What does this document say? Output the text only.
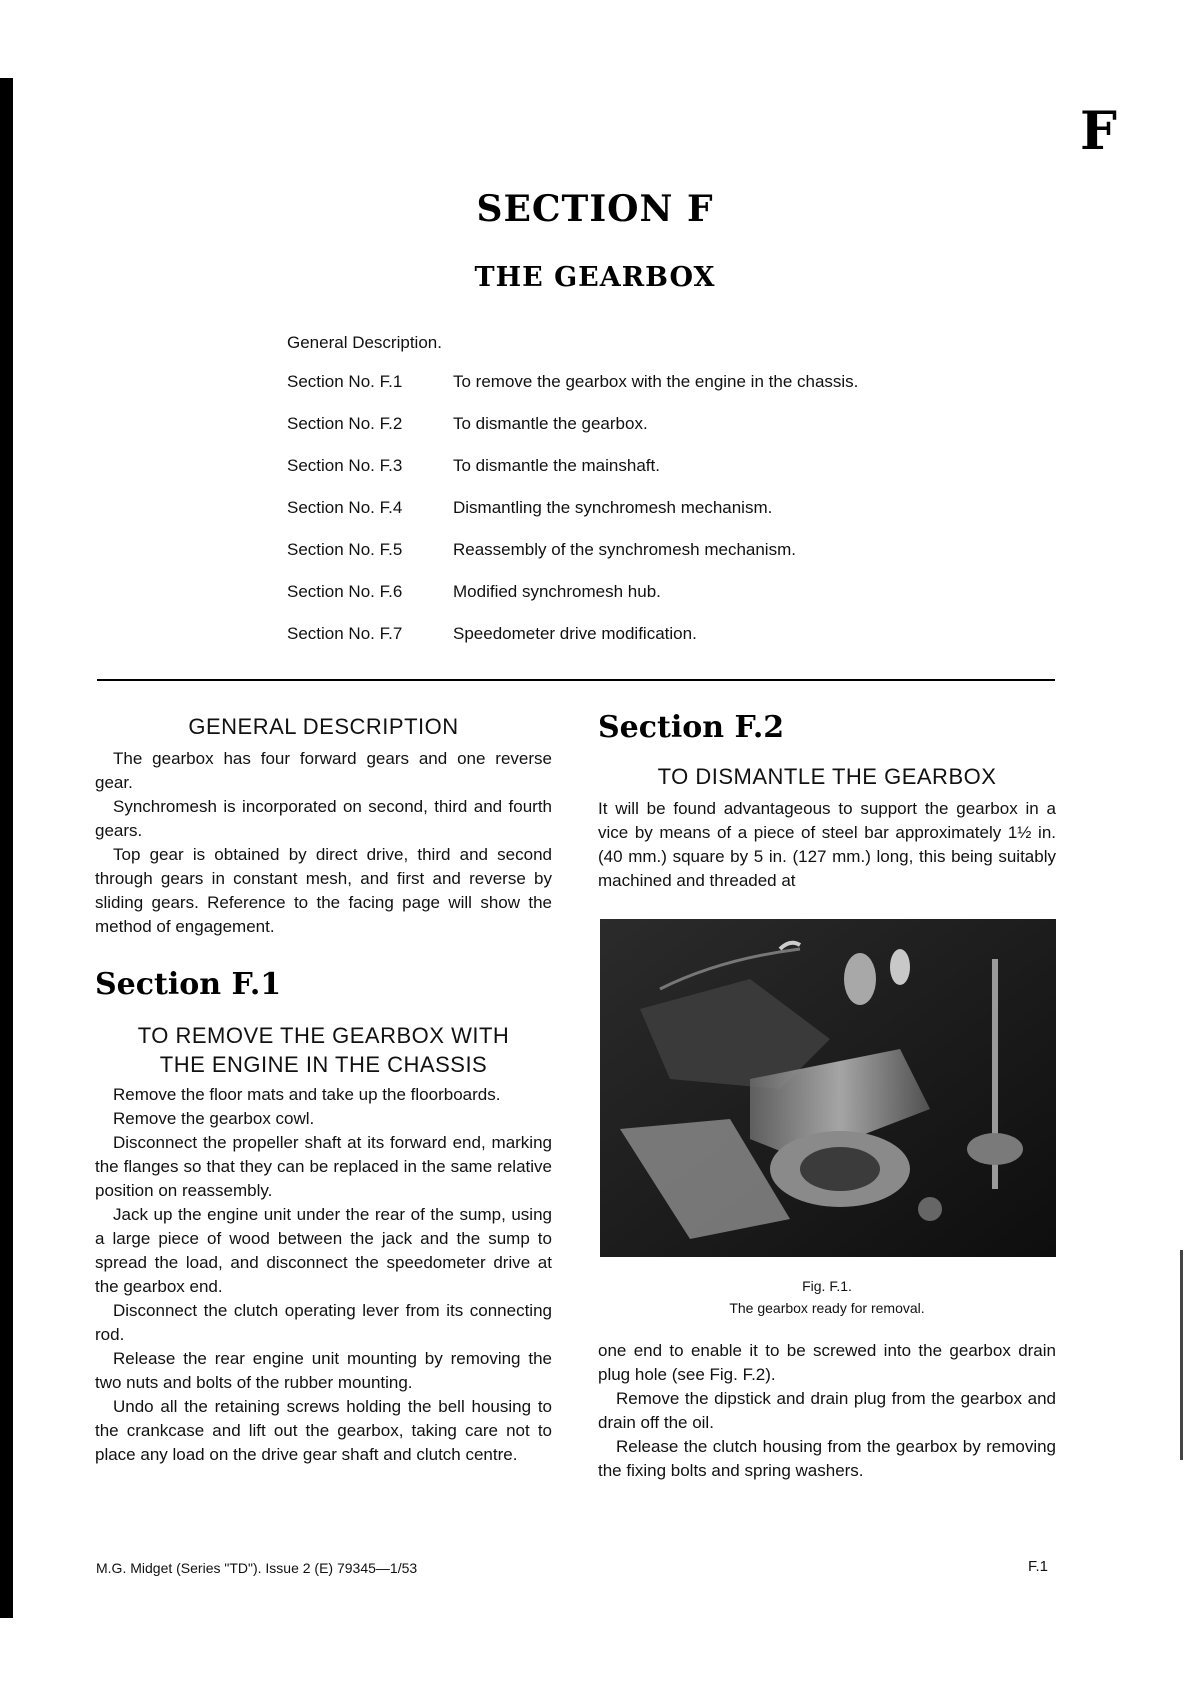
F
SECTION F
THE GEARBOX
General Description.
Section No. F.1	To remove the gearbox with the engine in the chassis.
Section No. F.2	To dismantle the gearbox.
Section No. F.3	To dismantle the mainshaft.
Section No. F.4	Dismantling the synchromesh mechanism.
Section No. F.5	Reassembly of the synchromesh mechanism.
Section No. F.6	Modified synchromesh hub.
Section No. F.7	Speedometer drive modification.
GENERAL DESCRIPTION

The gearbox has four forward gears and one reverse gear.

Synchromesh is incorporated on second, third and fourth gears.

Top gear is obtained by direct drive, third and second through gears in constant mesh, and first and reverse by sliding gears. Reference to the facing page will show the method of engagement.

Section F.1
TO REMOVE THE GEARBOX WITH
THE ENGINE IN THE CHASSIS

Remove the floor mats and take up the floorboards.

Remove the gearbox cowl.

Disconnect the propeller shaft at its forward end, marking the flanges so that they can be replaced in the same relative position on reassembly.

Jack up the engine unit under the rear of the sump, using a large piece of wood between the jack and the sump to spread the load, and disconnect the speedometer drive at the gearbox end.

Disconnect the clutch operating lever from its connecting rod.

Release the rear engine unit mounting by removing the two nuts and bolts of the rubber mounting.

Undo all the retaining screws holding the bell housing to the crankcase and lift out the gearbox, taking care not to place any load on the drive gear shaft and clutch centre.

Section F.2
TO DISMANTLE THE GEARBOX

It will be found advantageous to support the gearbox in a vice by means of a piece of steel bar approximately 1½ in. (40 mm.) square by 5 in. (127 mm.) long, this being suitably machined and threaded at

Fig. F.1.
The gearbox ready for removal.

one end to enable it to be screwed into the gearbox drain plug hole (see Fig. F.2).

Remove the dipstick and drain plug from the gearbox and drain off the oil.

Release the clutch housing from the gearbox by removing the fixing bolts and spring washers.

M.G. Midget (Series "TD"). Issue 2 (E) 79345—1/53	F.1
